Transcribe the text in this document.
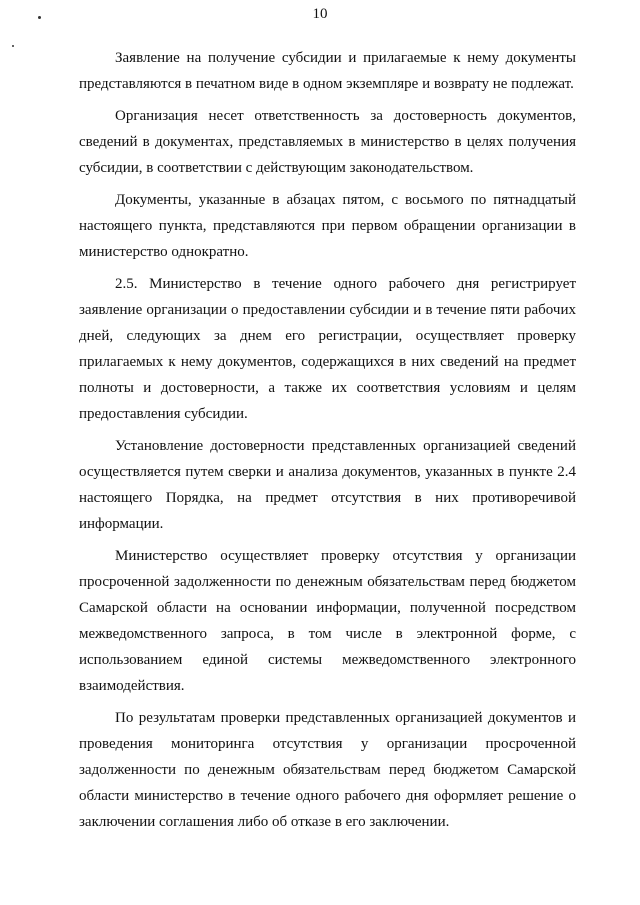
10

Заявление на получение субсидии и прилагаемые к нему документы представляются в печатном виде в одном экземпляре и возврату не подлежат.

Организация несет ответственность за достоверность документов, сведений в документах, представляемых в министерство в целях получения субсидии, в соответствии с действующим законодательством.

Документы, указанные в абзацах пятом, с восьмого по пятнадцатый настоящего пункта, представляются при первом обращении организации в министерство однократно.

2.5. Министерство в течение одного рабочего дня регистрирует заявление организации о предоставлении субсидии и в течение пяти рабочих дней, следующих за днем его регистрации, осуществляет проверку прилагаемых к нему документов, содержащихся в них сведений на предмет полноты и достоверности, а также их соответствия условиям и целям предоставления субсидии.

Установление достоверности представленных организацией сведений осуществляется путем сверки и анализа документов, указанных в пункте 2.4 настоящего Порядка, на предмет отсутствия в них противоречивой информации.

Министерство осуществляет проверку отсутствия у организации просроченной задолженности по денежным обязательствам перед бюджетом Самарской области на основании информации, полученной посредством межведомственного запроса, в том числе в электронной форме, с использованием единой системы межведомственного электронного взаимодействия.

По результатам проверки представленных организацией документов и проведения мониторинга отсутствия у организации просроченной задолженности по денежным обязательствам перед бюджетом Самарской области министерство в течение одного рабочего дня оформляет решение о заключении соглашения либо об отказе в его заключении.
